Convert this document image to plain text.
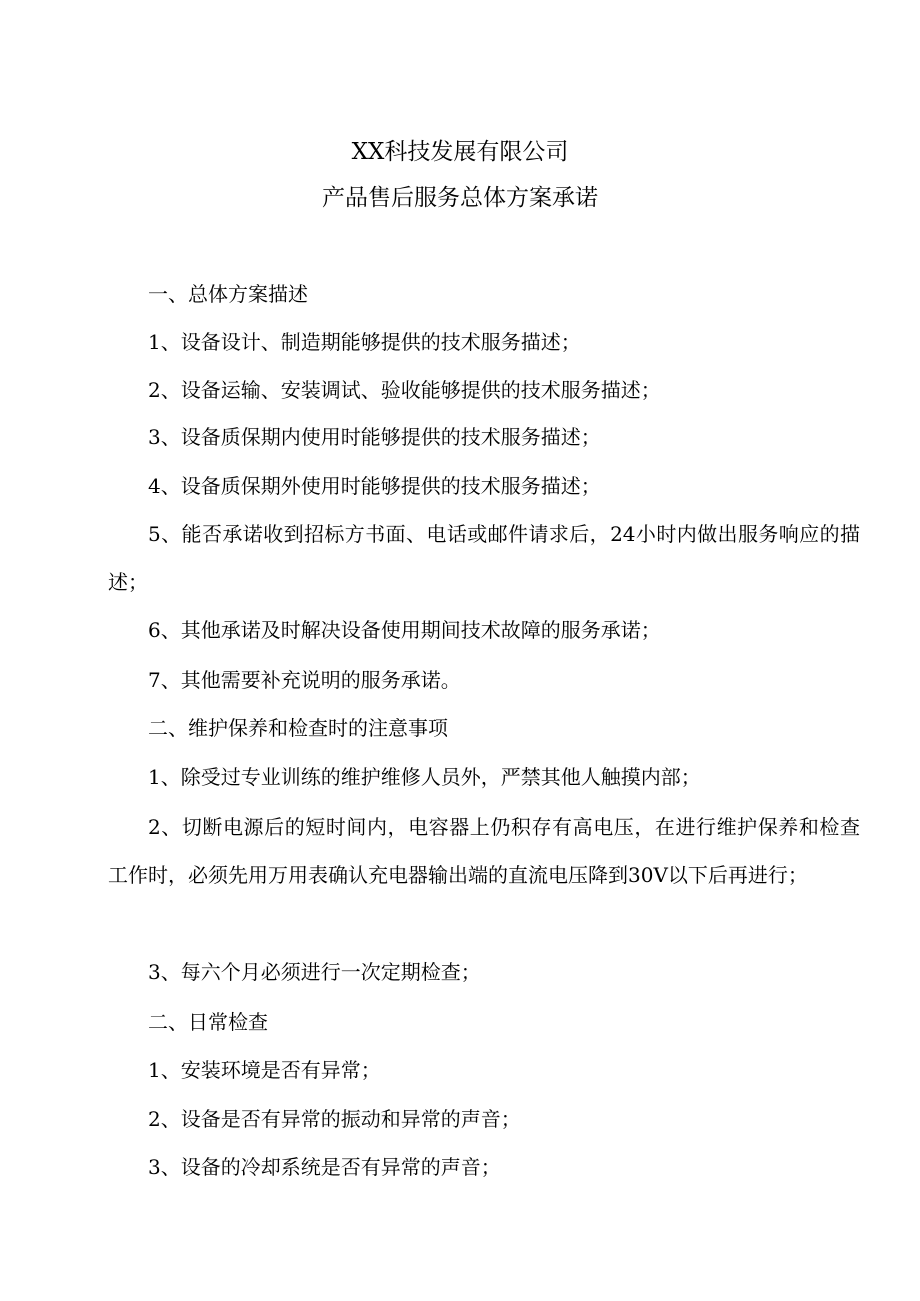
XX科技发展有限公司
产品售后服务总体方案承诺
一、总体方案描述
1、设备设计、制造期能够提供的技术服务描述；
2、设备运输、安装调试、验收能够提供的技术服务描述；
3、设备质保期内使用时能够提供的技术服务描述；
4、设备质保期外使用时能够提供的技术服务描述；
5、能否承诺收到招标方书面、电话或邮件请求后，24小时内做出服务响应的描述；
6、其他承诺及时解决设备使用期间技术故障的服务承诺；
7、其他需要补充说明的服务承诺。
二、维护保养和检查时的注意事项
1、除受过专业训练的维护维修人员外，严禁其他人触摸内部；
2、切断电源后的短时间内，电容器上仍积存有高电压，在进行维护保养和检查工作时，必须先用万用表确认充电器输出端的直流电压降到30V以下后再进行；
3、每六个月必须进行一次定期检查；
二、日常检查
1、安装环境是否有异常；
2、设备是否有异常的振动和异常的声音；
3、设备的冷却系统是否有异常的声音；
